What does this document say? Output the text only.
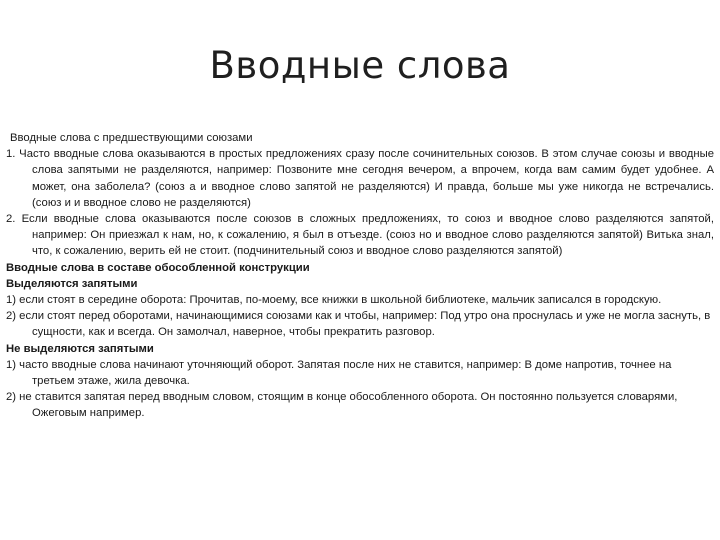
Вводные слова

Вводные слова с предшествующими союзами

1. Часто вводные слова оказываются в простых предложениях сразу после сочинительных союзов. В этом случае союзы и вводные слова запятыми не разделяются, например: Позвоните мне сегодня вечером, а впрочем, когда вам самим будет удобнее. А может, она заболела? (союз а и вводное слово запятой не разделяются) И правда, больше мы уже никогда не встречались. (союз и и вводное слово не разделяются)

2. Если вводные слова оказываются после союзов в сложных предложениях, то союз и вводное слово разделяются запятой, например: Он приезжал к нам, но, к сожалению, я был в отъезде. (союз но и вводное слово разделяются запятой) Витька знал, что, к сожалению, верить ей не стоит. (подчинительный союз и вводное слово разделяются запятой)

Вводные слова в составе обособленной конструкции

Выделяются запятыми

1) если стоят в середине оборота: Прочитав, по-моему, все книжки в школьной библиотеке, мальчик записался в городскую.

2) если стоят перед оборотами, начинающимися союзами как и чтобы, например: Под утро она проснулась и уже не могла заснуть, в сущности, как и всегда. Он замолчал, наверное, чтобы прекратить разговор.

Не выделяются запятыми

1) часто вводные слова начинают уточняющий оборот. Запятая после них не ставится, например: В доме напротив, точнее на третьем этаже, жила девочка.

2) не ставится запятая перед вводным словом, стоящим в конце обособленного оборота. Он постоянно пользуется словарями, Ожеговым например.
